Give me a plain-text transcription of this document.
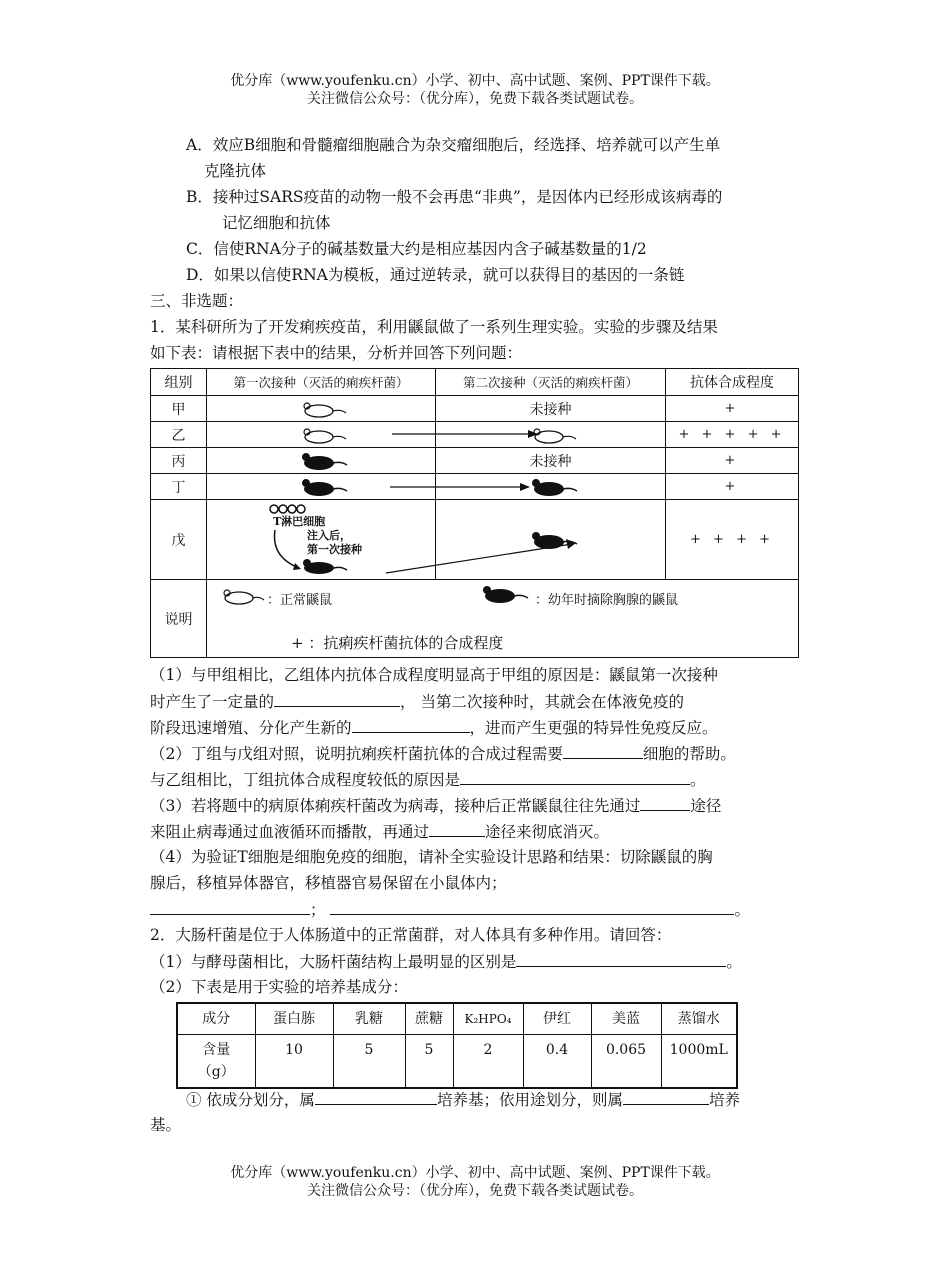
优分库（www.youfenku.cn）小学、初中、高中试题、案例、PPT课件下载。
关注微信公众号：（优分库），免费下载各类试题试卷。
A．效应B细胞和骨髓瘤细胞融合为杂交瘤细胞后，经选择、培养就可以产生单
克隆抗体
B．接种过SARS疫苗的动物一般不会再患“非典”，是因体内已经形成该病毒的
记忆细胞和抗体
C．信使RNA分子的碱基数量大约是相应基因内含子碱基数量的1/2
D．如果以信使RNA为模板，通过逆转录，就可以获得目的基因的一条链
三、非选题：
1．某科研所为了开发痢疾疫苗，利用鼷鼠做了一系列生理实验。实验的步骤及结果
如下表：请根据下表中的结果，分析并回答下列问题：
组别	第一次接种（灭活的痢疾杆菌）	第二次接种（灭活的痢疾杆菌）	抗体合成程度
甲		未接种	+
乙			+ + + + +
丙		未接种	+
丁			+
戊	T淋巴细胞
注入后，
第一次接种		+ + + +
说明	：正常鼷鼠 ：幼年时摘除胸腺的鼷鼠
+ ：抗痢疾杆菌抗体的合成程度		
（1）与甲组相比，乙组体内抗体合成程度明显高于甲组的原因是：鼷鼠第一次接种
时产生了一定量的	， 当第二次接种时，其就会在体液免疫的
阶段迅速增殖、分化产生新的	，进而产生更强的特异性免疫反应。
（2）丁组与戊组对照，说明抗痢疾杆菌抗体的合成过程需要	细胞的帮助。
与乙组相比，丁组抗体合成程度较低的原因是	。
（3）若将题中的病原体痢疾杆菌改为病毒，接种后正常鼷鼠往往先通过	途径
来阻止病毒通过血液循环而播散，再通过	途径来彻底消灭。
（4）为验证T细胞是细胞免疫的细胞，请补全实验设计思路和结果：切除鼷鼠的胸
腺后，移植异体器官，移植器官易保留在小鼠体内；
；	。
2．大肠杆菌是位于人体肠道中的正常菌群，对人体具有多种作用。请回答：
（1）与酵母菌相比，大肠杆菌结构上最明显的区别是	。
（2）下表是用于实验的培养基成分：
成分	蛋白胨	乳糖	蔗糖	K₂HPO₄	伊红	美蓝	蒸馏水
含量
（g）	10	5	5	2	0.4	0.065	1000mL
① 依成分划分，属	培养基；依用途划分，则属	培养
基。
优分库（www.youfenku.cn）小学、初中、高中试题、案例、PPT课件下载。
关注微信公众号：（优分库），免费下载各类试题试卷。
